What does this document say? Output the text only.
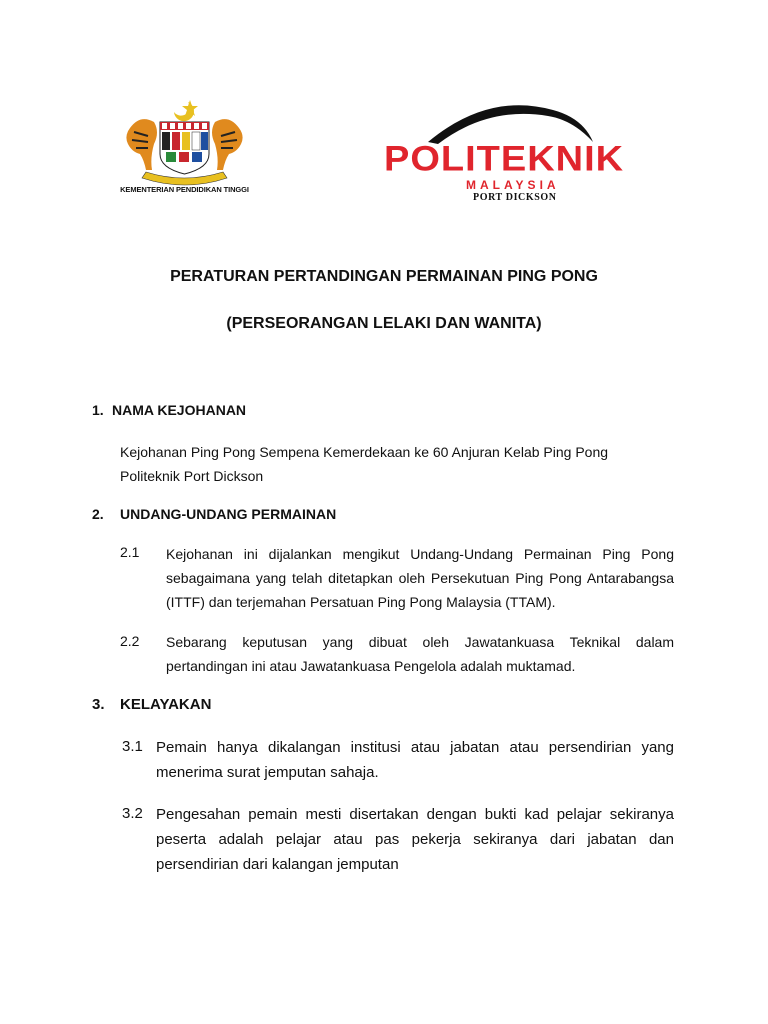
KEMENTERIAN PENDIDIKAN TINGGI
POLITEKNIK
MALAYSIA
PORT DICKSON
PERATURAN PERTANDINGAN PERMAINAN PING PONG
(PERSEORANGAN LELAKI DAN WANITA)
1. NAMA KEJOHANAN
Kejohanan Ping Pong Sempena Kemerdekaan ke 60 Anjuran Kelab Ping Pong Politeknik Port Dickson
2. UNDANG-UNDANG PERMAINAN
2.1 Kejohanan ini dijalankan mengikut Undang-Undang Permainan Ping Pong sebagaimana yang telah ditetapkan oleh Persekutuan Ping Pong Antarabangsa (ITTF) dan terjemahan Persatuan Ping Pong Malaysia (TTAM).
2.2 Sebarang keputusan yang dibuat oleh Jawatankuasa Teknikal dalam pertandingan ini atau Jawatankuasa Pengelola adalah muktamad.
3. KELAYAKAN
3.1 Pemain hanya dikalangan institusi atau jabatan atau persendirian yang menerima surat jemputan sahaja.
3.2 Pengesahan pemain mesti disertakan dengan bukti kad pelajar sekiranya peserta adalah pelajar atau pas pekerja sekiranya dari jabatan dan persendirian dari kalangan jemputan
